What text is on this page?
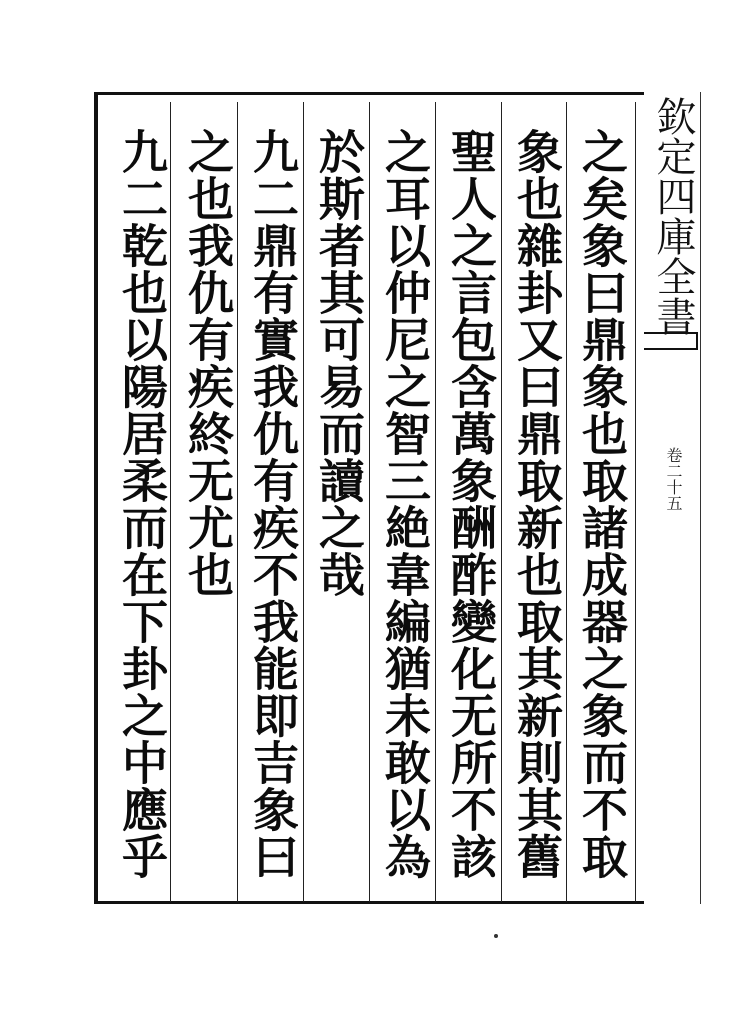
欽定四庫全書
卷二十五
之矣象曰鼎象也取諸成器之象而不取
象也雜卦又曰鼎取新也取其新則其舊
聖人之言包含萬象酬酢變化无所不該
之耳以仲尼之智三絶韋編猶未敢以為
於斯者其可易而讀之哉
九二鼎有實我仇有疾不我能即吉象曰
之也我仇有疾終无尤也
九二乾也以陽居柔而在下卦之中應乎
